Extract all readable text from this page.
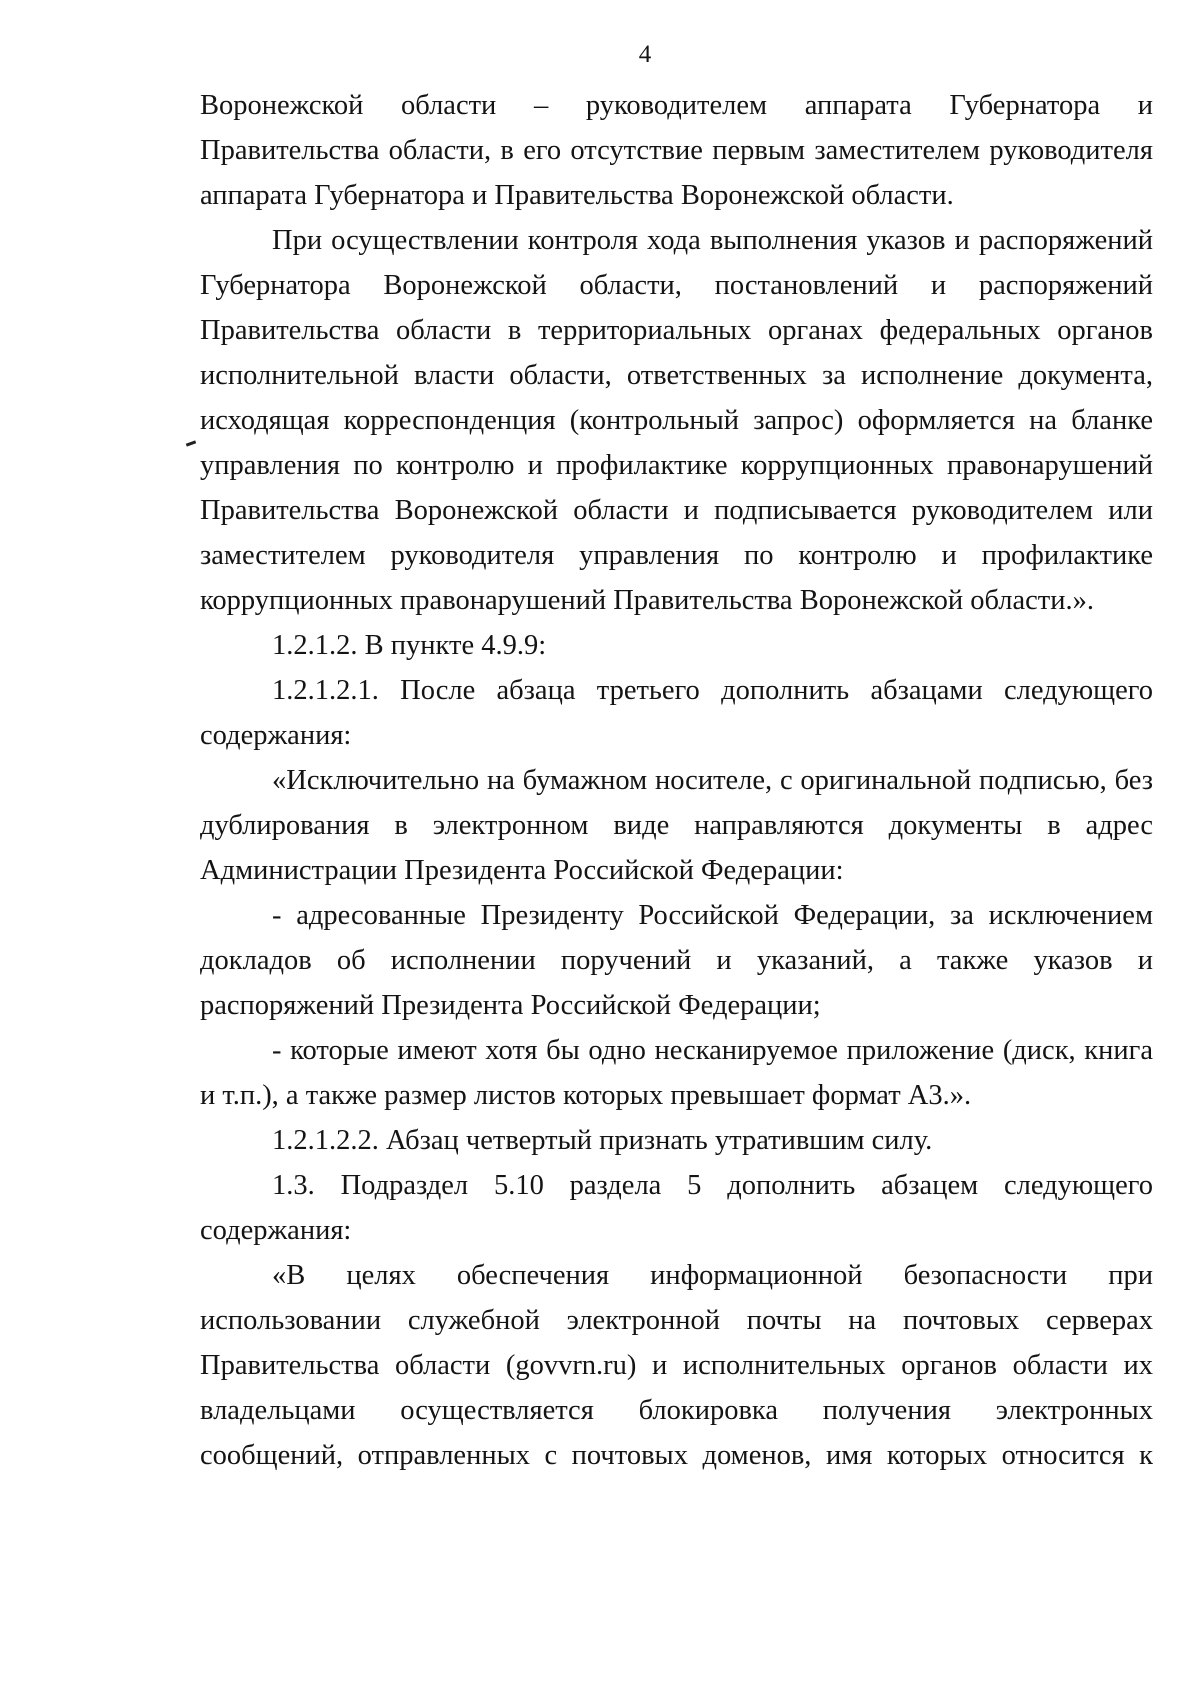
4
Воронежской области – руководителем аппарата Губернатора и
Правительства области, в его отсутствие первым заместителем руководителя
аппарата Губернатора и Правительства Воронежской области.
При осуществлении контроля хода выполнения указов и распоряжений
Губернатора Воронежской области, постановлений и распоряжений
Правительства области в территориальных органах федеральных органов
исполнительной власти области, ответственных за исполнение документа,
исходящая корреспонденция (контрольный запрос) оформляется на бланке
управления по контролю и профилактике коррупционных правонарушений
Правительства Воронежской области и подписывается руководителем или
заместителем руководителя управления по контролю и профилактике
коррупционных правонарушений Правительства Воронежской области.».
1.2.1.2. В пункте 4.9.9:
1.2.1.2.1. После абзаца третьего дополнить абзацами следующего
содержания:
«Исключительно на бумажном носителе, с оригинальной подписью, без
дублирования в электронном виде направляются документы в адрес
Администрации Президента Российской Федерации:
- адресованные Президенту Российской Федерации, за исключением
докладов об исполнении поручений и указаний, а также указов и
распоряжений Президента Российской Федерации;
- которые имеют хотя бы одно несканируемое приложение (диск, книга
и т.п.), а также размер листов которых превышает формат А3.».
1.2.1.2.2. Абзац четвертый признать утратившим силу.
1.3. Подраздел 5.10 раздела 5 дополнить абзацем следующего
содержания:
«В целях обеспечения информационной безопасности при
использовании служебной электронной почты на почтовых серверах
Правительства области (govvrn.ru) и исполнительных органов области их
владельцами осуществляется блокировка получения электронных
сообщений, отправленных с почтовых доменов, имя которых относится к
